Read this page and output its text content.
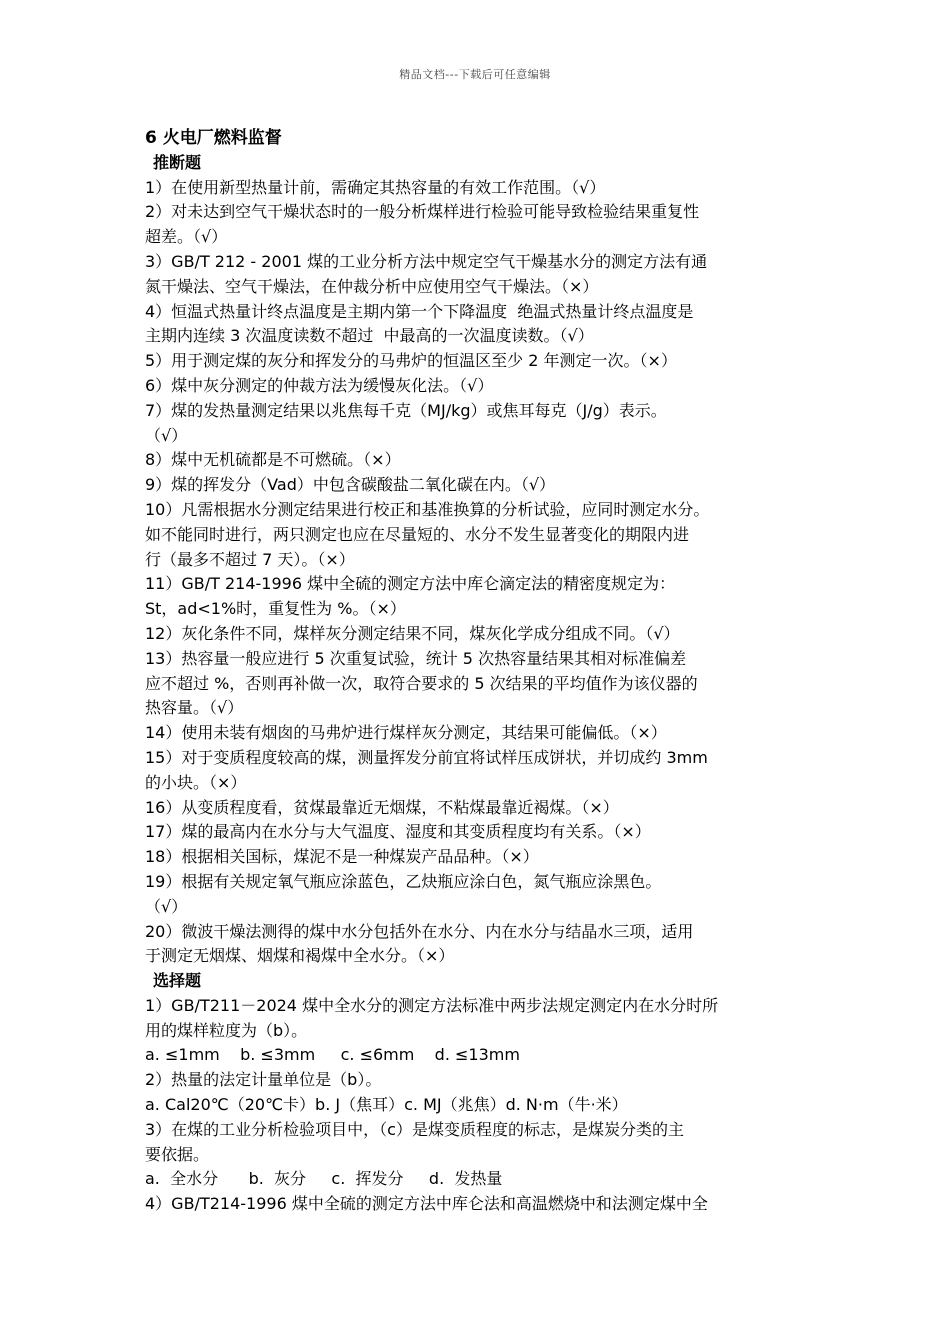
精品文档---下载后可任意编辑
6 火电厂燃料监督
推断题
1）在使用新型热量计前，需确定其热容量的有效工作范围。（√）
2）对未达到空气干燥状态时的一般分析煤样进行检验可能导致检验结果重复性
超差。（√）
3）GB/T 212 - 2001 煤的工业分析方法中规定空气干燥基水分的测定方法有通
氮干燥法、空气干燥法，在仲裁分析中应使用空气干燥法。（×）
4）恒温式热量计终点温度是主期内第一个下降温度  绝温式热量计终点温度是
主期内连续 3 次温度读数不超过  中最高的一次温度读数。（√）
5）用于测定煤的灰分和挥发分的马弗炉的恒温区至少 2 年测定一次。（×）
6）煤中灰分测定的仲裁方法为缓慢灰化法。（√）
7）煤的发热量测定结果以兆焦每千克（MJ/kg）或焦耳每克（J/g）表示。
（√）
8）煤中无机硫都是不可燃硫。（×）
9）煤的挥发分（Vad）中包含碳酸盐二氧化碳在内。（√）
10）凡需根据水分测定结果进行校正和基准换算的分析试验，应同时测定水分。
如不能同时进行，两只测定也应在尽量短的、水分不发生显著变化的期限内进
行（最多不超过 7 天）。（×）
11）GB/T 214-1996 煤中全硫的测定方法中库仑滴定法的精密度规定为：
St，ad<1%时，重复性为 %。（×）
12）灰化条件不同，煤样灰分测定结果不同，煤灰化学成分组成不同。（√）
13）热容量一般应进行 5 次重复试验，统计 5 次热容量结果其相对标准偏差
应不超过 %，否则再补做一次，取符合要求的 5 次结果的平均值作为该仪器的
热容量。（√）
14）使用未装有烟囱的马弗炉进行煤样灰分测定，其结果可能偏低。（×）
15）对于变质程度较高的煤，测量挥发分前宜将试样压成饼状，并切成约 3mm
的小块。（×）
16）从变质程度看，贫煤最靠近无烟煤，不粘煤最靠近褐煤。（×）
17）煤的最高内在水分与大气温度、湿度和其变质程度均有关系。（×）
18）根据相关国标，煤泥不是一种煤炭产品品种。（×）
19）根据有关规定氧气瓶应涂蓝色，乙炔瓶应涂白色，氮气瓶应涂黑色。
（√）
20）微波干燥法测得的煤中水分包括外在水分、内在水分与结晶水三项，适用
于测定无烟煤、烟煤和褐煤中全水分。（×）
选择题
1）GB/T211－2024 煤中全水分的测定方法标准中两步法规定测定内在水分时所
用的煤样粒度为（b）。
a. ≤1mm    b. ≤3mm     c. ≤6mm    d. ≤13mm
2）热量的法定计量单位是（b）。
a. Cal20℃（20℃卡）b. J（焦耳）c. MJ（兆焦）d. N·m（牛·米）
3）在煤的工业分析检验项目中，（c）是煤变质程度的标志，是煤炭分类的主
要依据。
a.  全水分      b.  灰分     c.  挥发分     d.  发热量
4）GB/T214-1996 煤中全硫的测定方法中库仑法和高温燃烧中和法测定煤中全
